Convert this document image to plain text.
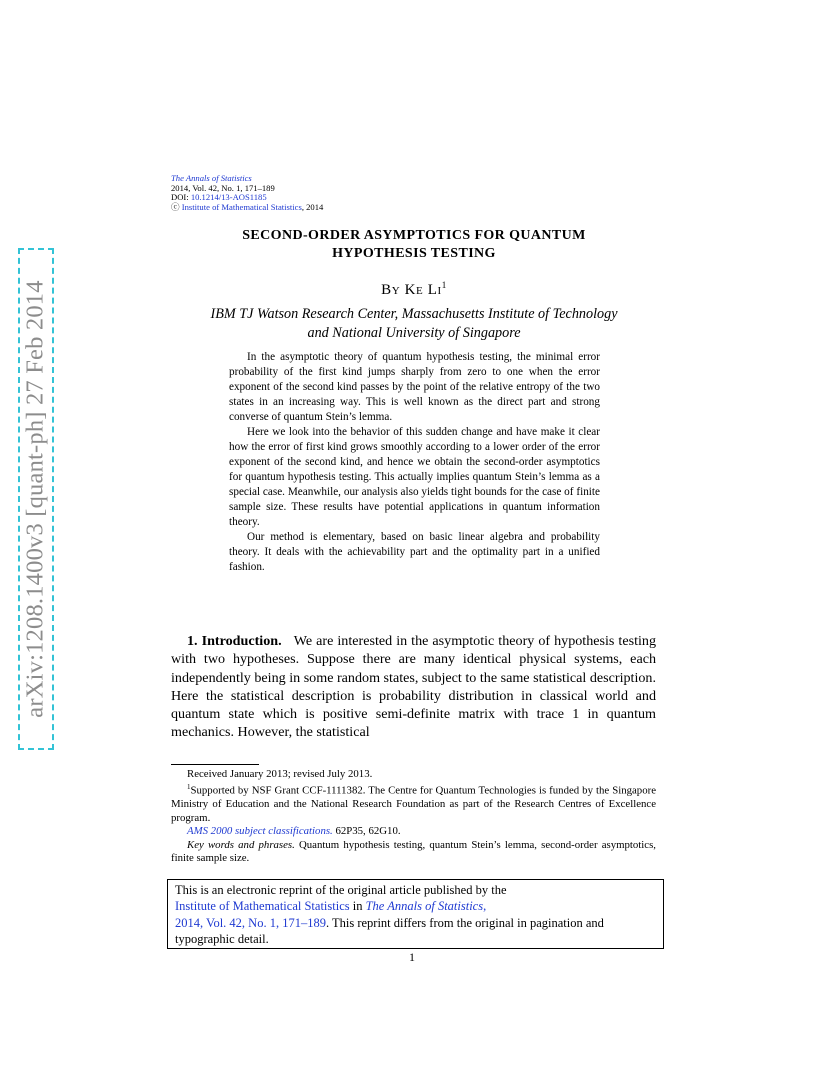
arXiv:1208.1400v3 [quant-ph] 27 Feb 2014
The Annals of Statistics
2014, Vol. 42, No. 1, 171–189
DOI: 10.1214/13-AOS1185
ⓒ Institute of Mathematical Statistics, 2014
SECOND-ORDER ASYMPTOTICS FOR QUANTUM
HYPOTHESIS TESTING
By Ke Li$^1$
IBM TJ Watson Research Center, Massachusetts Institute of Technology
and National University of Singapore

In the asymptotic theory of quantum hypothesis testing, the minimal error probability of the first kind jumps sharply from zero to one when the error exponent of the second kind passes by the point of the relative entropy of the two states in an increasing way. This is well known as the direct part and strong converse of quantum Stein’s lemma.

Here we look into the behavior of this sudden change and have make it clear how the error of first kind grows smoothly according to a lower order of the error exponent of the second kind, and hence we obtain the second-order asymptotics for quantum hypothesis testing. This actually implies quantum Stein’s lemma as a special case. Meanwhile, our analysis also yields tight bounds for the case of finite sample size. These results have potential applications in quantum information theory.

Our method is elementary, based on basic linear algebra and probability theory. It deals with the achievability part and the optimality part in a unified fashion.

1. Introduction. We are interested in the asymptotic theory of hypothesis testing with two hypotheses. Suppose there are many identical physical systems, each independently being in some random states, subject to the same statistical description. Here the statistical description is probability distribution in classical world and quantum state which is positive semi-definite matrix with trace 1 in quantum mechanics. However, the statistical

Received January 2013; revised July 2013.

$^1$Supported by NSF Grant CCF-1111382. The Centre for Quantum Technologies is funded by the Singapore Ministry of Education and the National Research Foundation as part of the Research Centres of Excellence program.

AMS 2000 subject classifications. 62P35, 62G10.

Key words and phrases. Quantum hypothesis testing, quantum Stein’s lemma, second-order asymptotics, finite sample size.

This is an electronic reprint of the original article published by the
Institute of Mathematical Statistics in The Annals of Statistics,
2014, Vol. 42, No. 1, 171–189. This reprint differs from the original in pagination and typographic detail.
1
